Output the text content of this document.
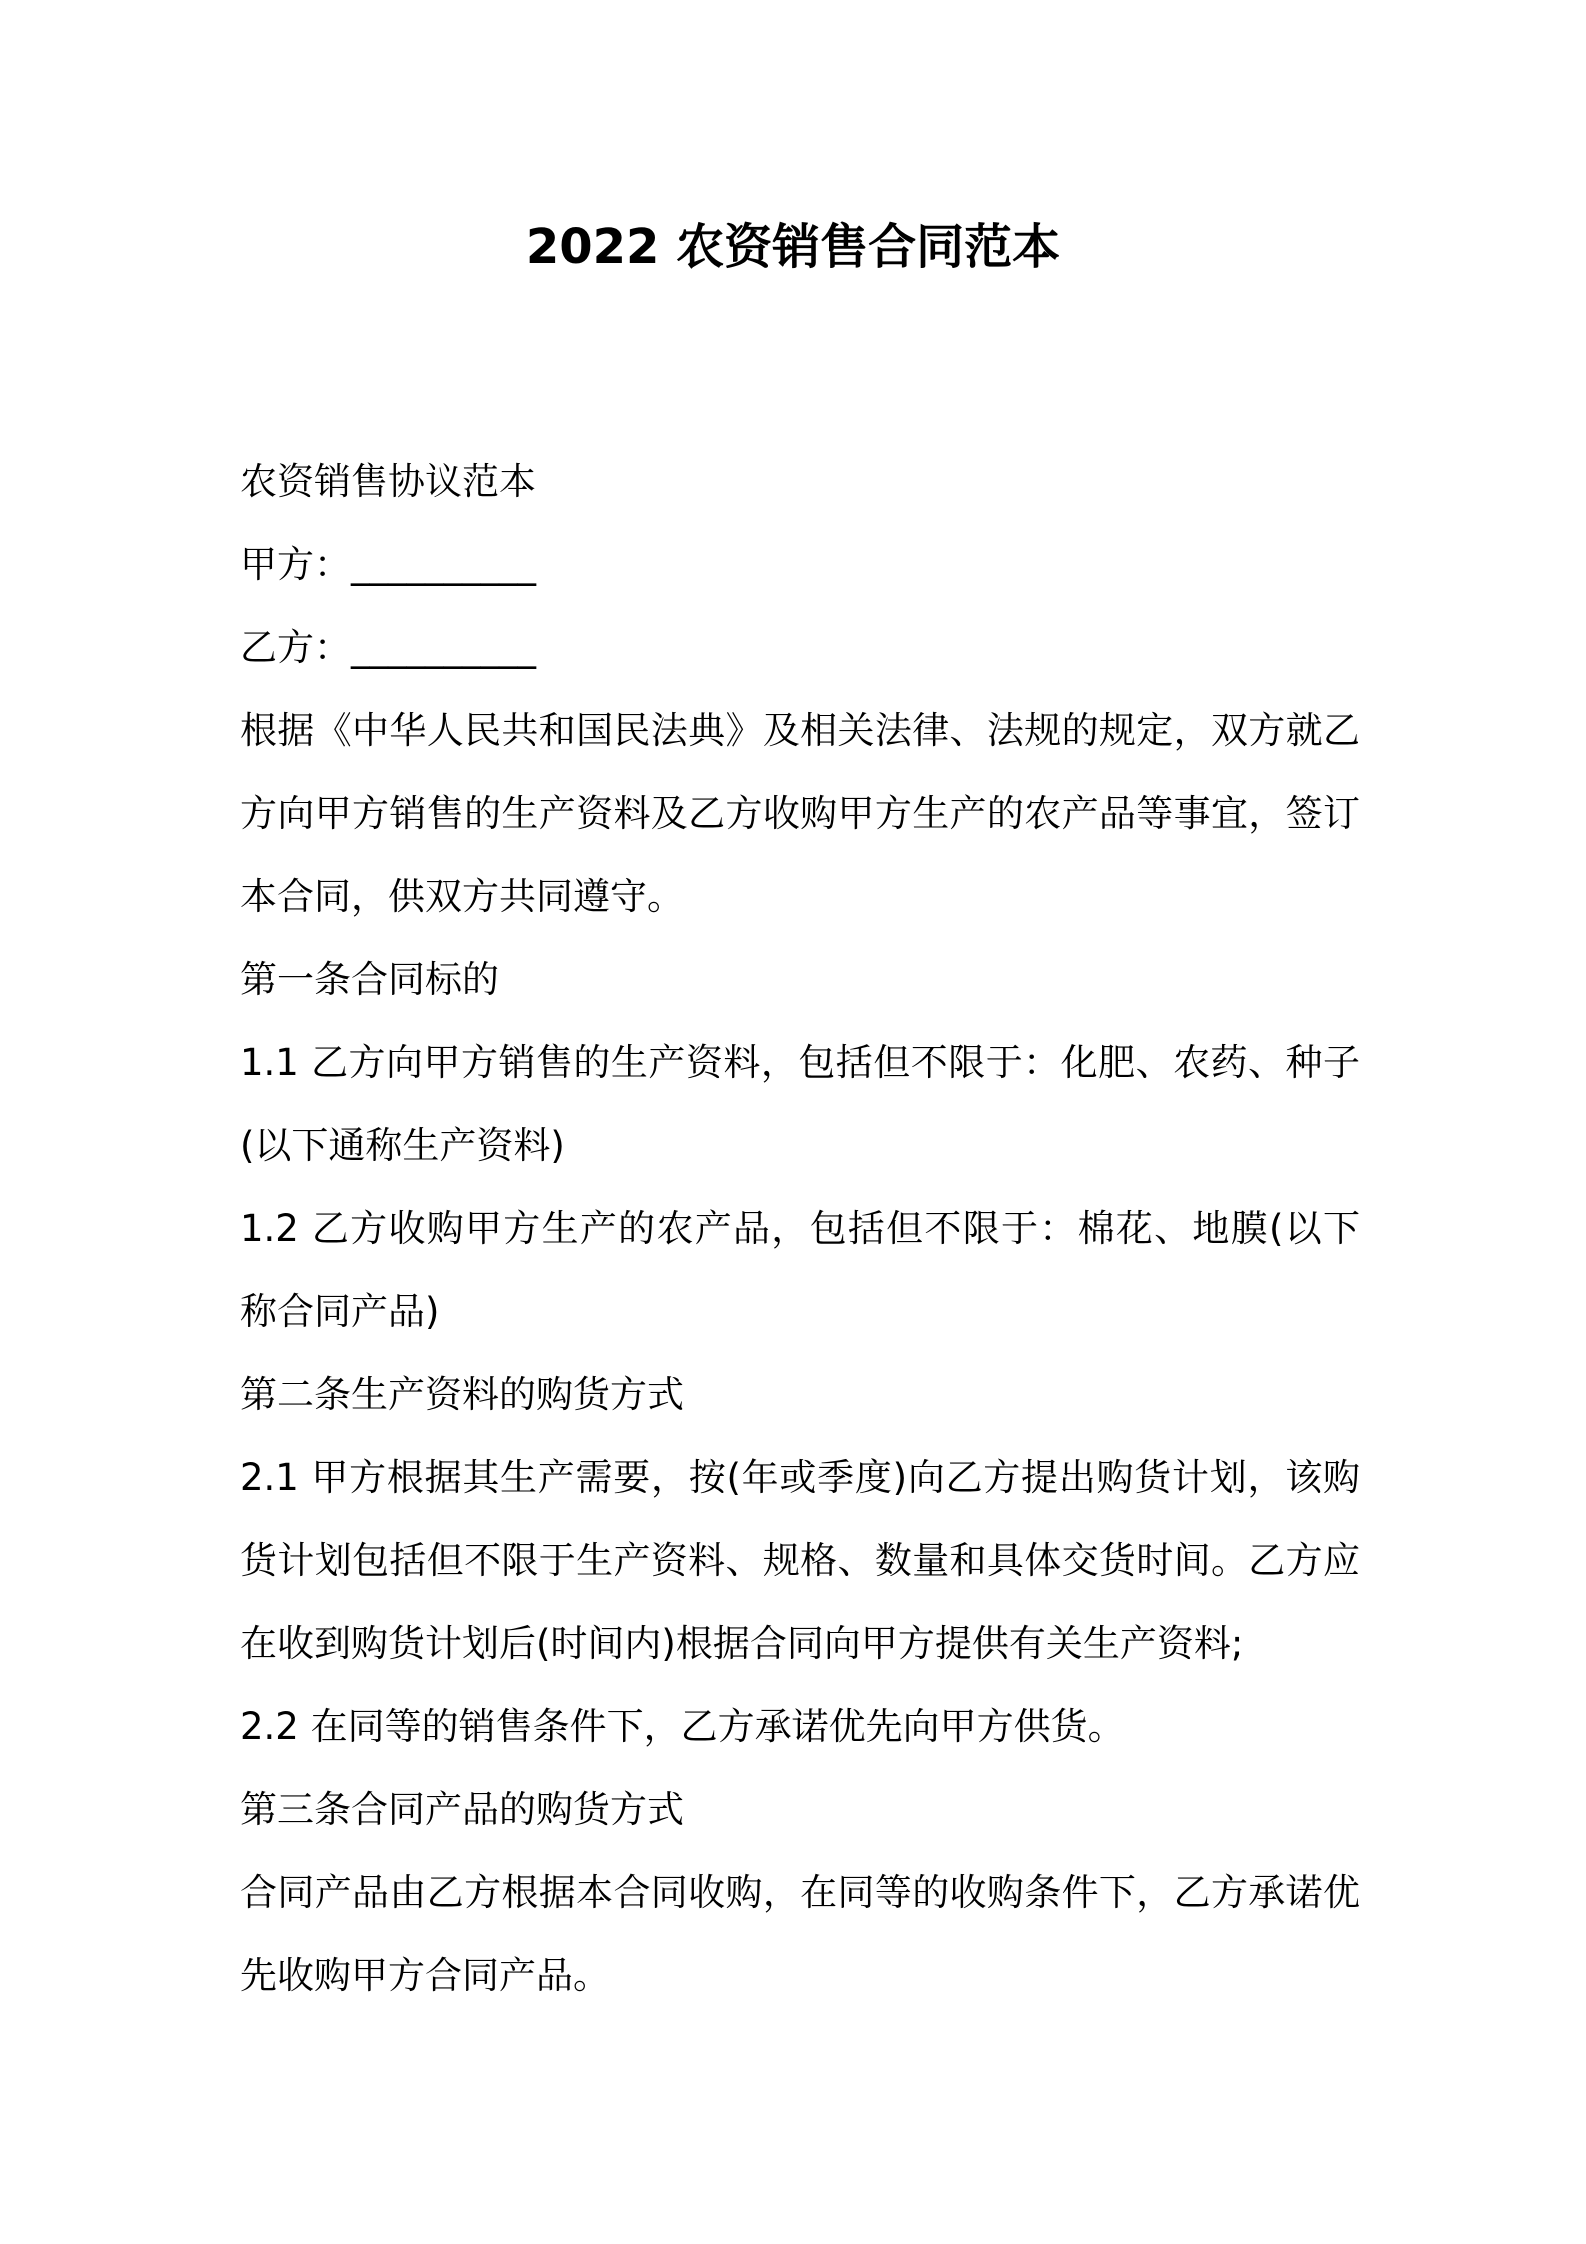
2022 农资销售合同范本

农资销售协议范本

甲方：__________

乙方：__________

根据《中华人民共和国民法典》及相关法律、法规的规定，双方就乙方向甲方销售的生产资料及乙方收购甲方生产的农产品等事宜，签订本合同，供双方共同遵守。

第一条合同标的

1.1 乙方向甲方销售的生产资料，包括但不限于：化肥、农药、种子(以下通称生产资料)

1.2 乙方收购甲方生产的农产品，包括但不限于：棉花、地膜(以下称合同产品)

第二条生产资料的购货方式

2.1 甲方根据其生产需要，按(年或季度)向乙方提出购货计划，该购货计划包括但不限于生产资料、规格、数量和具体交货时间。乙方应在收到购货计划后(时间内)根据合同向甲方提供有关生产资料;

2.2 在同等的销售条件下，乙方承诺优先向甲方供货。

第三条合同产品的购货方式

合同产品由乙方根据本合同收购，在同等的收购条件下，乙方承诺优先收购甲方合同产品。
